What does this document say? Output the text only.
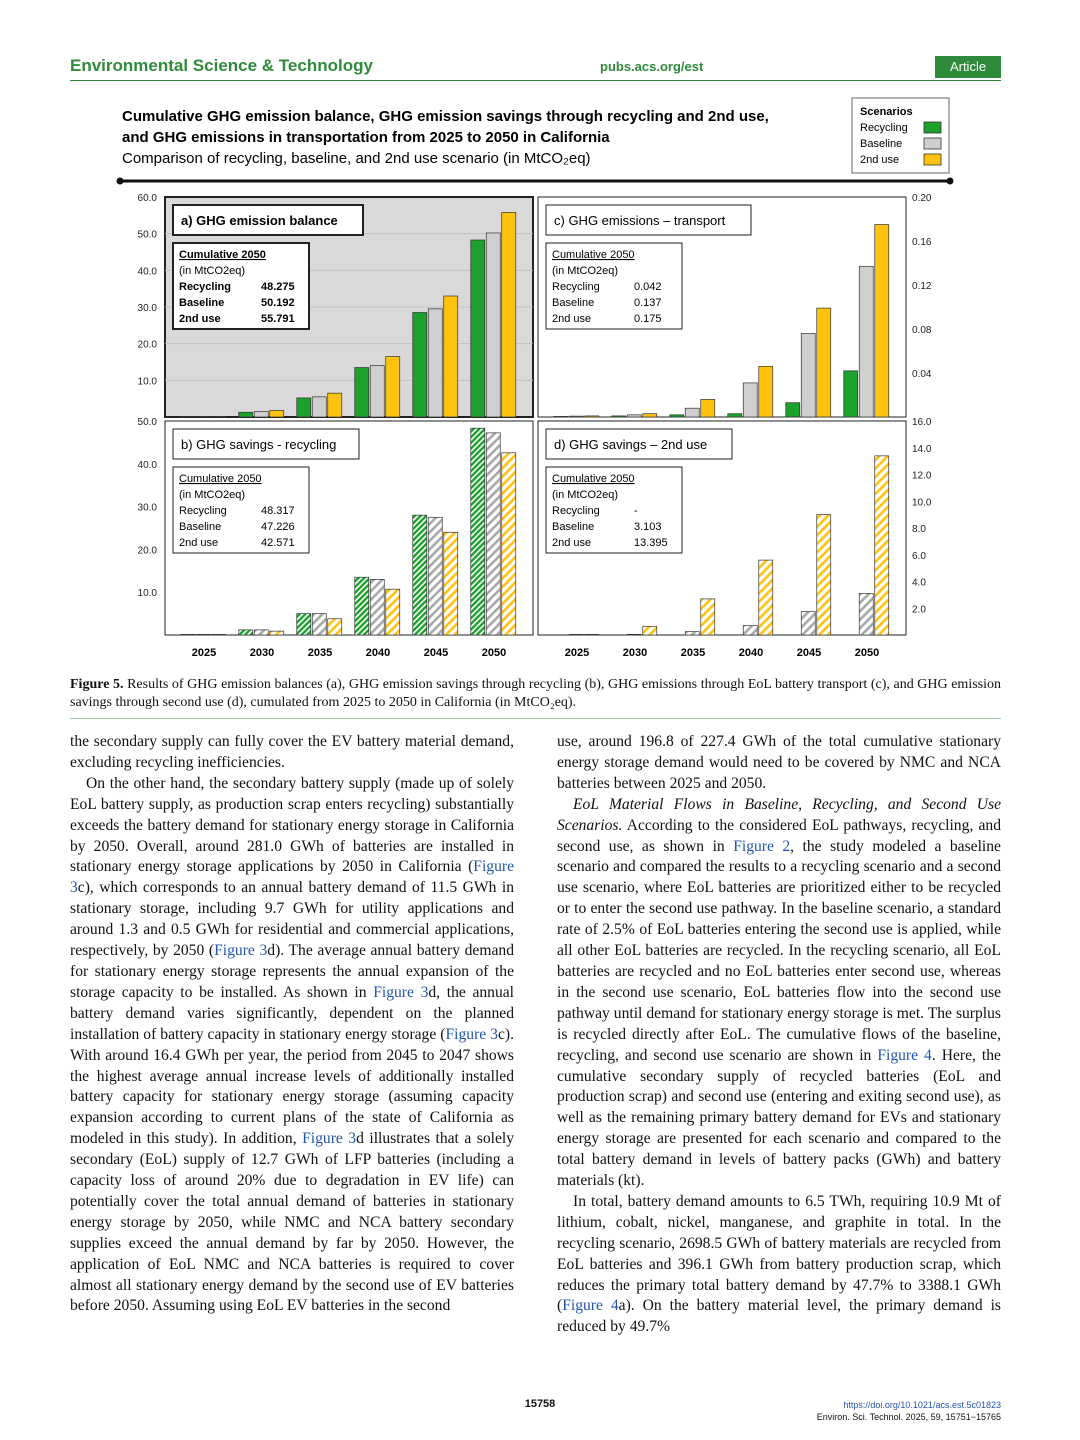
Environmental Science & Technology	pubs.acs.org/est	Article
Cumulative GHG emission balance, GHG emission savings through recycling and 2nd use,
and GHG emissions in transportation from 2025 to 2050 in California
Comparison of recycling, baseline, and 2nd use scenario (in MtCO₂eq)
Scenarios
Recycling
Baseline
2nd use
10.0
20.0
30.0
40.0
50.0
60.0
a) GHG emission balance
Cumulative 2050
(in MtCO2eq)
Recycling	48.275
Baseline	50.192
2nd use	55.791
10.0
20.0
30.0
40.0
50.0
2025	2030	2035	2040	2045	2050
b) GHG savings - recycling
Cumulative 2050
(in MtCO2eq)
Recycling	48.317
Baseline	47.226
2nd use	42.571
0.04
0.08
0.12
0.16
0.20
c) GHG emissions – transport
Cumulative 2050
(in MtCO2eq)
Recycling	0.042
Baseline	0.137
2nd use	0.175
2.0
4.0
6.0
8.0
10.0
12.0
14.0
16.0
2025	2030	2035	2040	2045	2050
d) GHG savings – 2nd use
Cumulative 2050
(in MtCO2eq)
Recycling	-
Baseline	3.103
2nd use	13.395
Figure 5. Results of GHG emission balances (a), GHG emission savings through recycling (b), GHG emissions through EoL battery transport (c), and GHG emission savings through second use (d), cumulated from 2025 to 2050 in California (in MtCO₂eq).

the secondary supply can fully cover the EV battery material demand, excluding recycling inefficiencies.

On the other hand, the secondary battery supply (made up of solely EoL battery supply, as production scrap enters recycling) substantially exceeds the battery demand for stationary energy storage in California by 2050. Overall, around 281.0 GWh of batteries are installed in stationary energy storage applications by 2050 in California (Figure 3c), which corresponds to an annual battery demand of 11.5 GWh in stationary storage, including 9.7 GWh for utility applications and around 1.3 and 0.5 GWh for residential and commercial applications, respectively, by 2050 (Figure 3d). The average annual battery demand for stationary energy storage represents the annual expansion of the storage capacity to be installed. As shown in Figure 3d, the annual battery demand varies significantly, dependent on the planned installation of battery capacity in stationary energy storage (Figure 3c). With around 16.4 GWh per year, the period from 2045 to 2047 shows the highest average annual increase levels of additionally installed battery capacity for stationary energy storage (assuming capacity expansion according to current plans of the state of California as modeled in this study). In addition, Figure 3d illustrates that a solely secondary (EoL) supply of 12.7 GWh of LFP batteries (including a capacity loss of around 20% due to degradation in EV life) can potentially cover the total annual demand of batteries in stationary energy storage by 2050, while NMC and NCA battery secondary supplies exceed the annual demand by far by 2050. However, the application of EoL NMC and NCA batteries is required to cover almost all stationary energy demand by the second use of EV batteries before 2050. Assuming using EoL EV batteries in the second

use, around 196.8 of 227.4 GWh of the total cumulative stationary energy storage demand would need to be covered by NMC and NCA batteries between 2025 and 2050.

EoL Material Flows in Baseline, Recycling, and Second Use Scenarios. According to the considered EoL pathways, recycling, and second use, as shown in Figure 2, the study modeled a baseline scenario and compared the results to a recycling scenario and a second use scenario, where EoL batteries are prioritized either to be recycled or to enter the second use pathway. In the baseline scenario, a standard rate of 2.5% of EoL batteries entering the second use is applied, while all other EoL batteries are recycled. In the recycling scenario, all EoL batteries are recycled and no EoL batteries enter second use, whereas in the second use scenario, EoL batteries flow into the second use pathway until demand for stationary energy storage is met. The surplus is recycled directly after EoL. The cumulative flows of the baseline, recycling, and second use scenario are shown in Figure 4. Here, the cumulative secondary supply of recycled batteries (EoL and production scrap) and second use (entering and exiting second use), as well as the remaining primary battery demand for EVs and stationary energy storage are presented for each scenario and compared to the total battery demand in levels of battery packs (GWh) and battery materials (kt).

In total, battery demand amounts to 6.5 TWh, requiring 10.9 Mt of lithium, cobalt, nickel, manganese, and graphite in total. In the recycling scenario, 2698.5 GWh of battery materials are recycled from EoL batteries and 396.1 GWh from battery production scrap, which reduces the primary total battery demand by 47.7% to 3388.1 GWh (Figure 4a). On the battery material level, the primary demand is reduced by 49.7%

15758	https://doi.org/10.1021/acs.est.5c01823
Environ. Sci. Technol. 2025, 59, 15751−15765
